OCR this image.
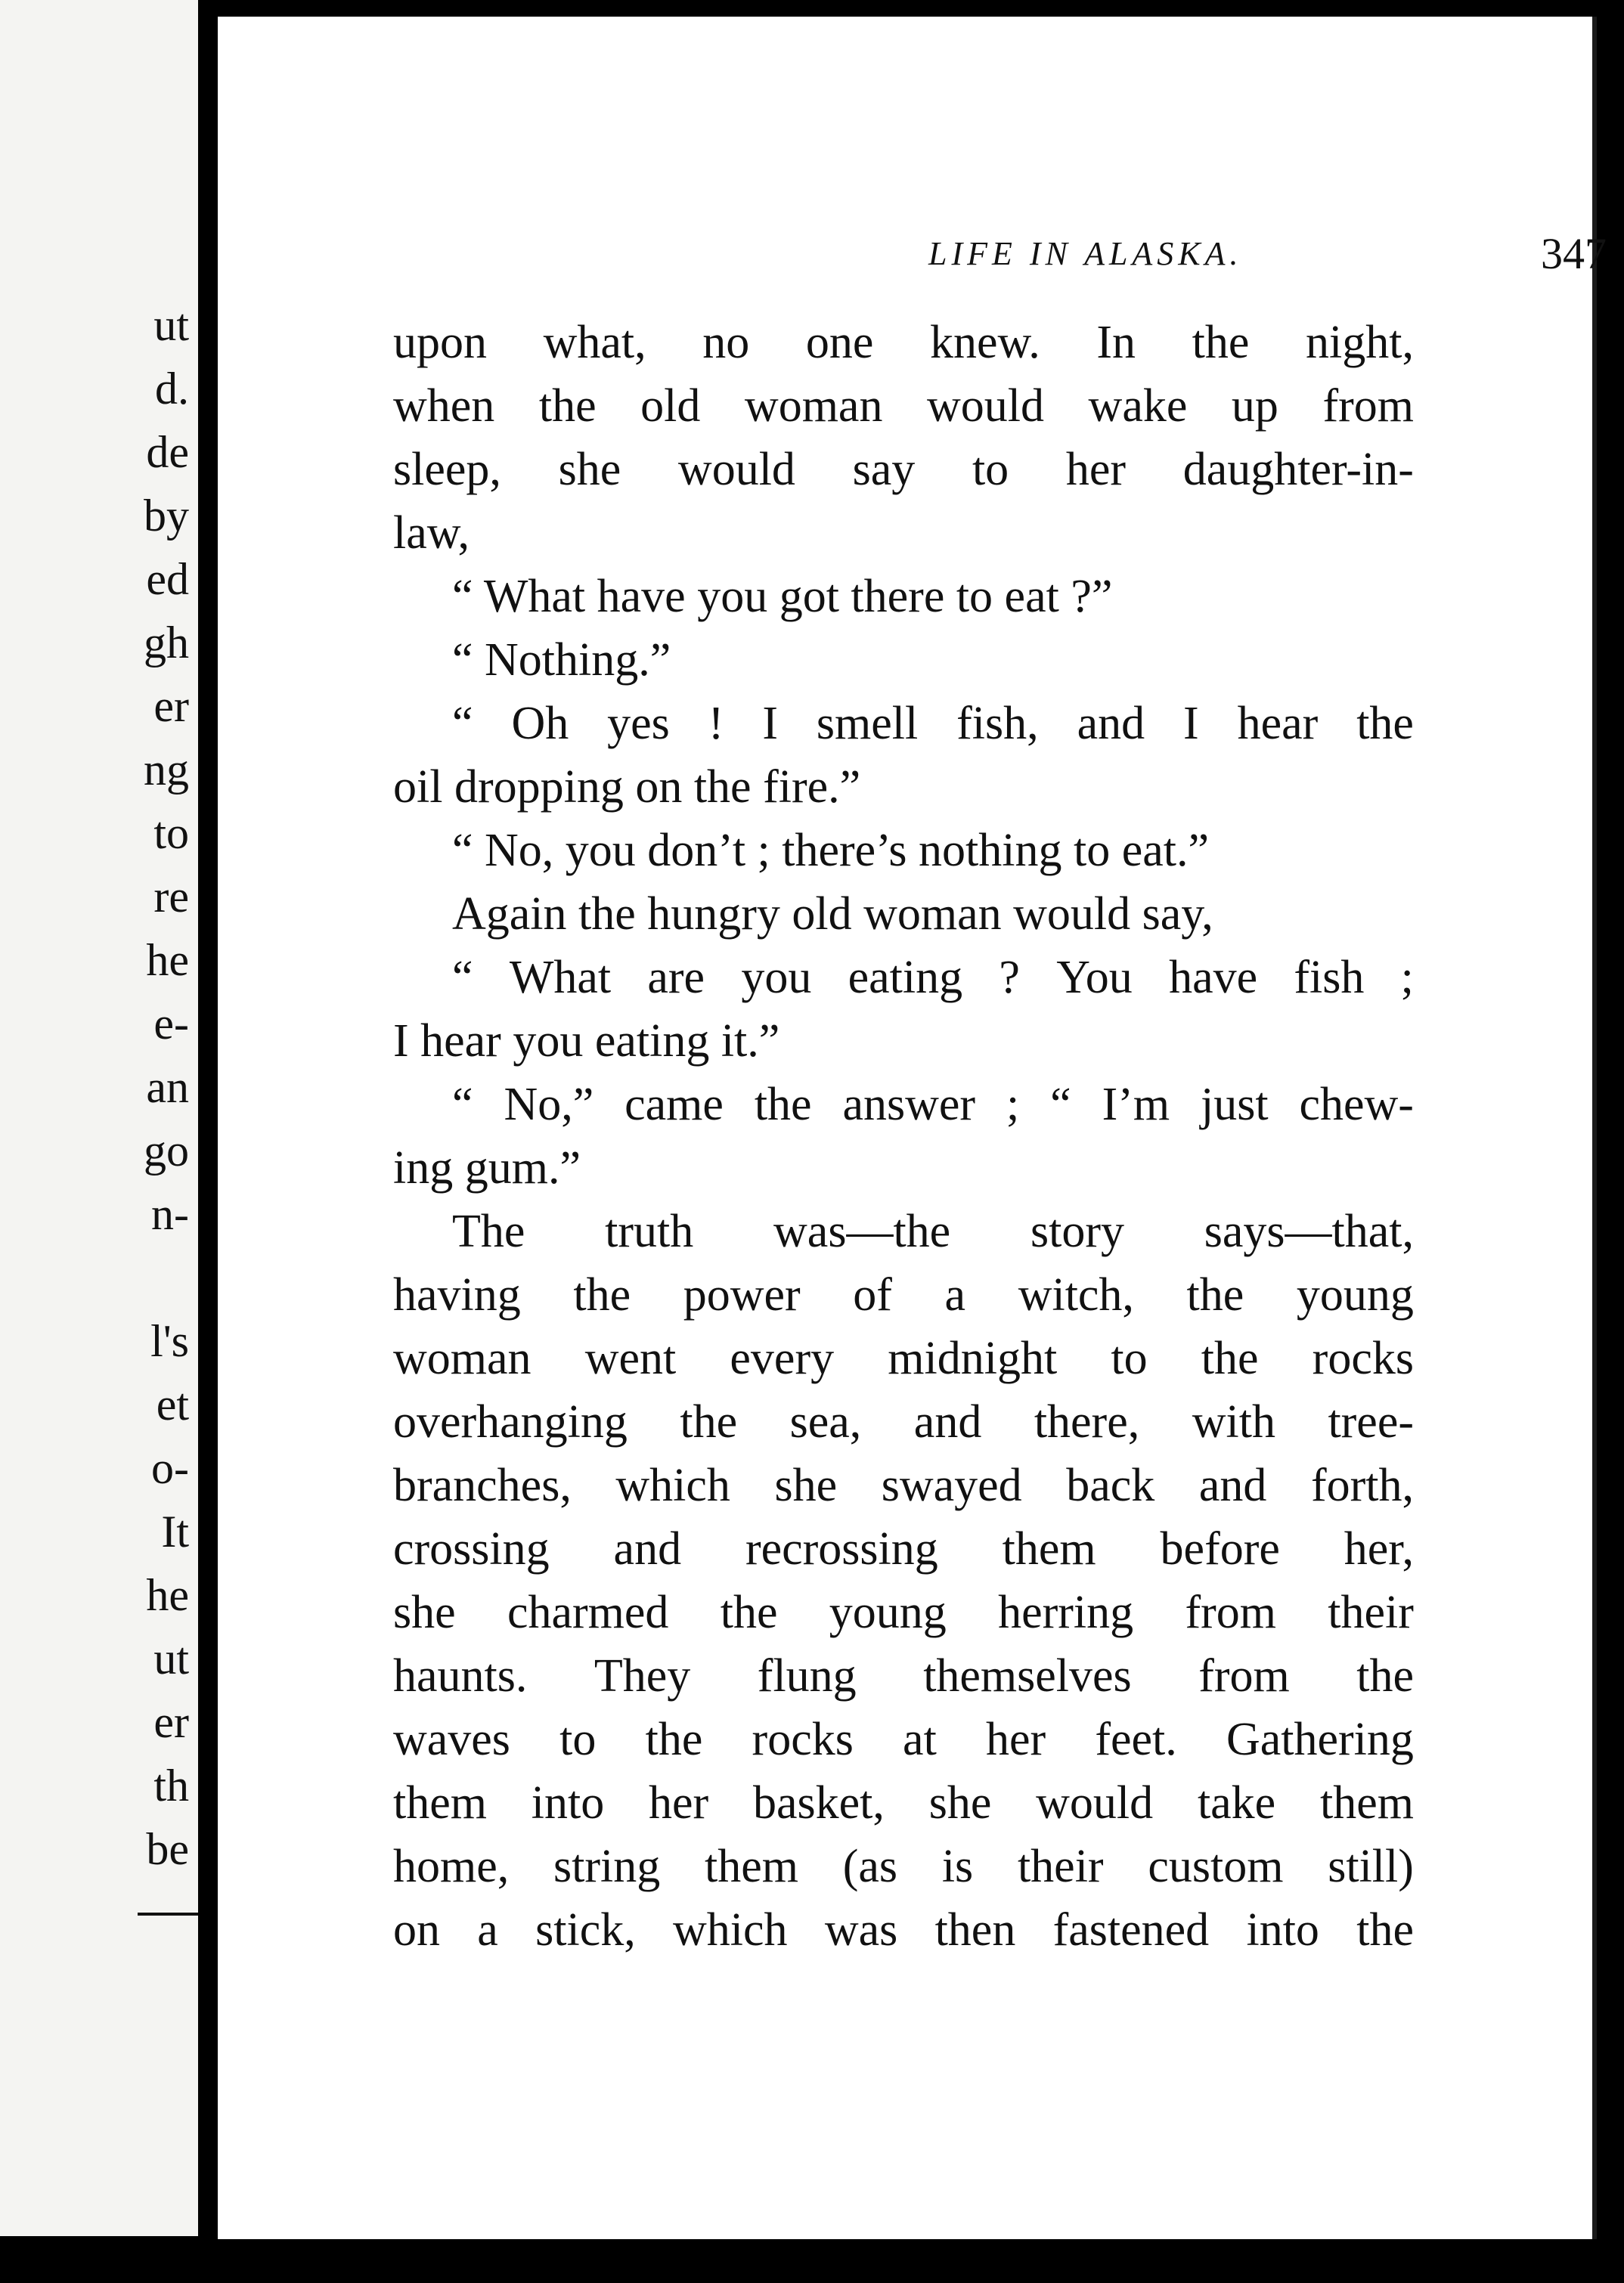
ut
d.
de
by
ed
gh
er
ng
to
re
he
e-
an
go
n-
l's
et
o-
It
he
ut
er
th
be
LIFE IN ALASKA.	347
upon what, no one knew. In the night,
when the old woman would wake up from
sleep, she would say to her daughter-in-
law,
“ What have you got there to eat ?”
“ Nothing.”
“ Oh yes ! I smell fish, and I hear the
oil dropping on the fire.”
“ No, you don’t ; there’s nothing to eat.”
Again the hungry old woman would say,
“ What are you eating ? You have fish ;
I hear you eating it.”
“ No,” came the answer ; “ I’m just chew-
ing gum.”
The truth was—the story says—that,
having the power of a witch, the young
woman went every midnight to the rocks
overhanging the sea, and there, with tree-
branches, which she swayed back and forth,
crossing and recrossing them before her,
she charmed the young herring from their
haunts. They flung themselves from the
waves to the rocks at her feet. Gathering
them into her basket, she would take them
home, string them (as is their custom still)
on a stick, which was then fastened into the
